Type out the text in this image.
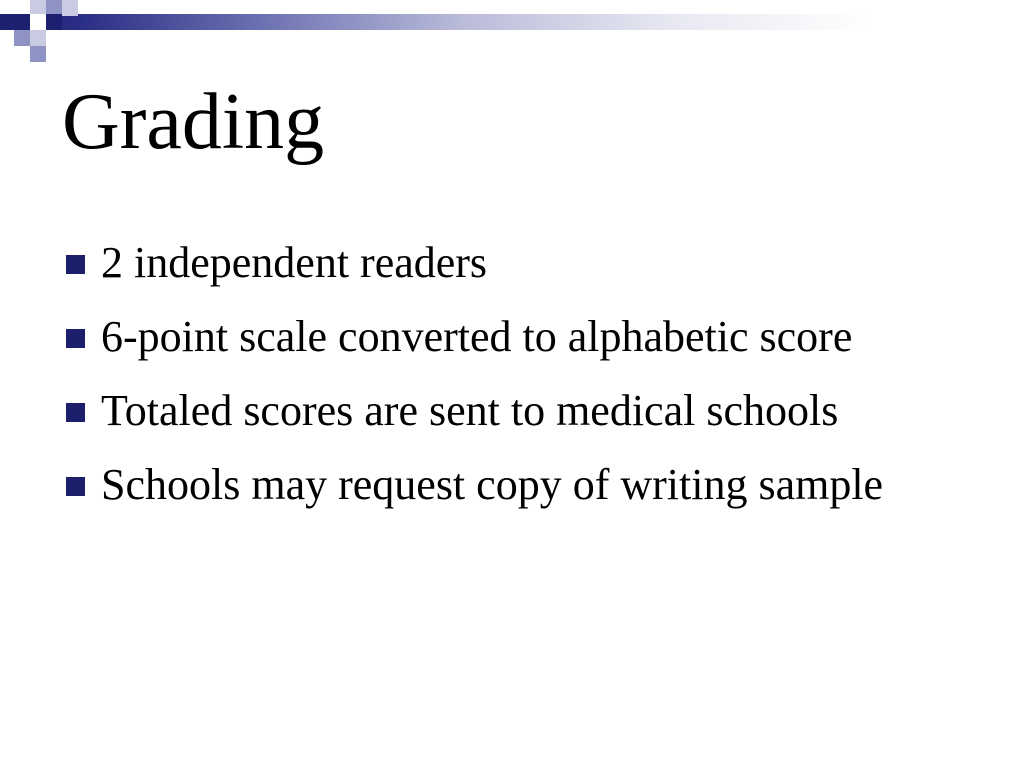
Grading
2 independent readers
6-point scale converted to alphabetic score
Totaled scores are sent to medical schools
Schools may request copy of writing sample
